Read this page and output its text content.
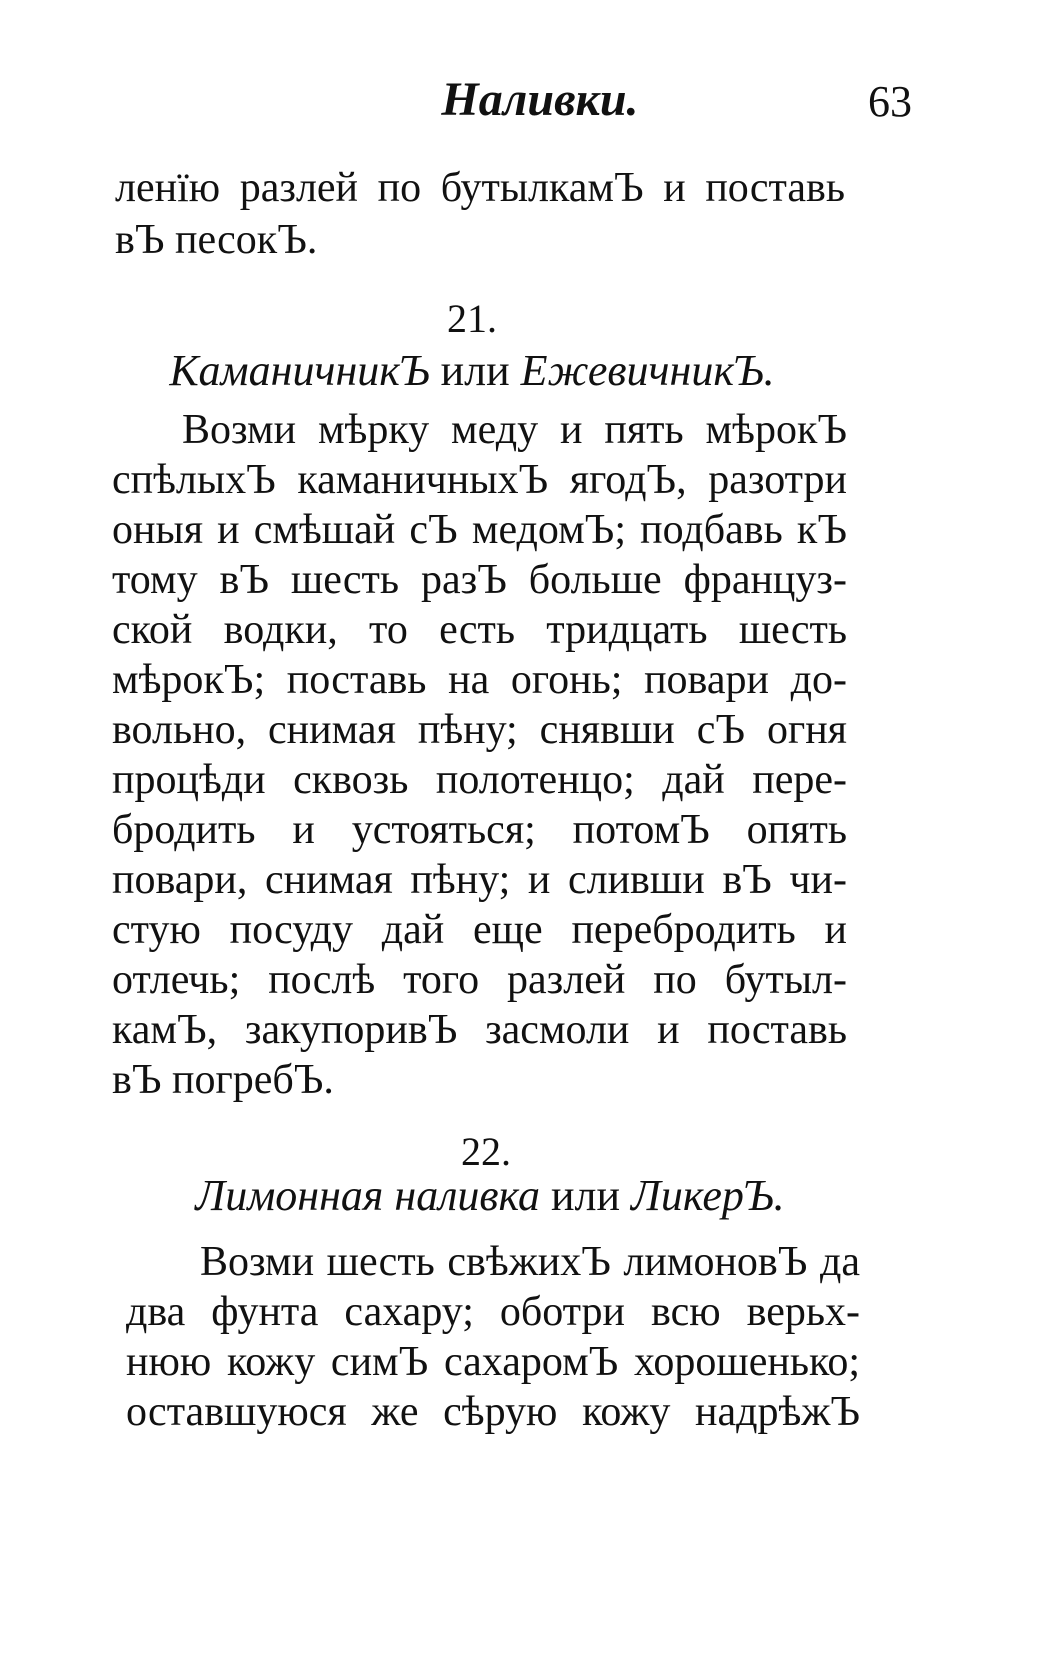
Наливки.	63
ленїю разлей по бутылкамЪ и поставь
вЪ песокЪ.
21.
КаманичникЪ или ЕжевичникЪ.
Возми мѣрку меду и пять мѣрокЪ
спѣлыхЪ каманичныхЪ ягодЪ, разотри
оныя и смѣшай сЪ медомЪ; подбавь кЪ
тому вЪ шесть разЪ больше француз-
ской водки, то есть тридцать шесть
мѣрокЪ; поставь на огонь; повари до-
вольно, снимая пѣну; снявши сЪ огня
процѣди сквозь полотенцо; дай пере-
бродить и устояться; потомЪ опять
повари, снимая пѣну; и сливши вЪ чи-
стую посуду дай еще перебродить и
отлечь; послѣ того разлей по бутыл-
камЪ, закупоривЪ засмоли и поставь
вЪ погребЪ.
22.
Лимонная наливка или ЛикерЪ.
Возми шесть свѣжихЪ лимоновЪ да
два фунта сахару; оботри всю верьх-
нюю кожу симЪ сахаромЪ хорошенько;
оставшуюся же сѣрую кожу надрѣжЪ
